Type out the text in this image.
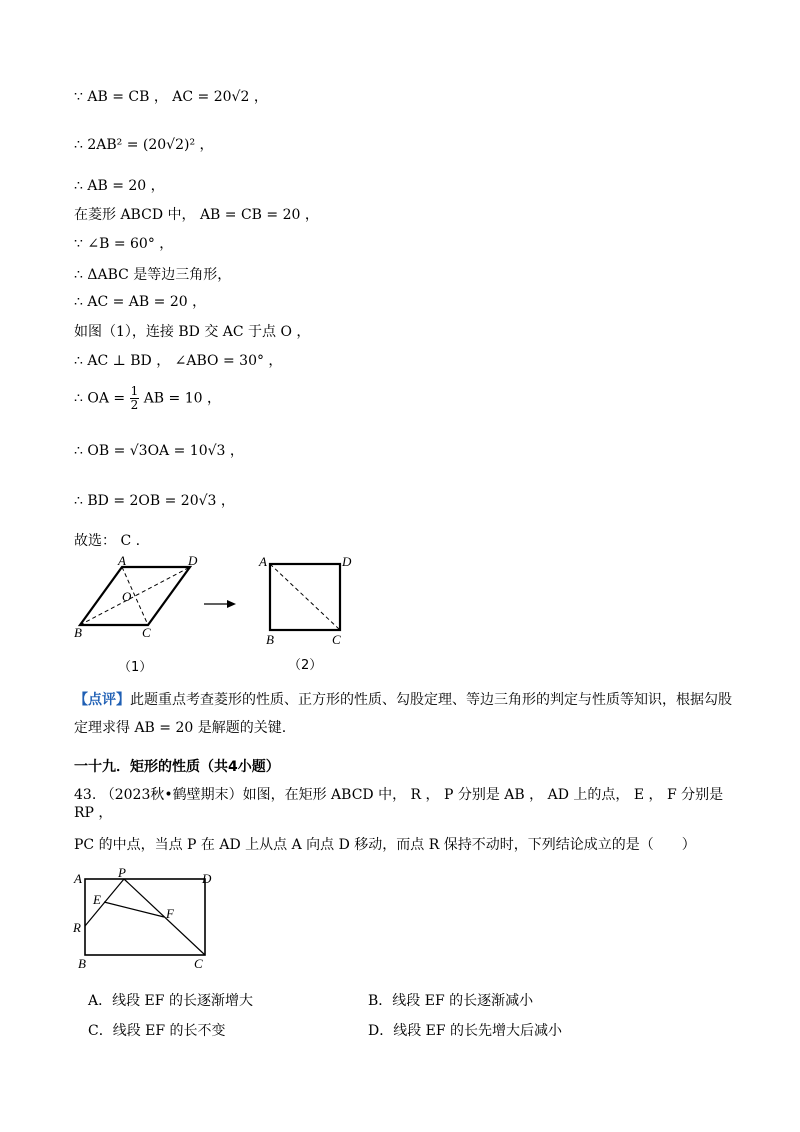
∵ AB = CB ， AC = 20√2 ，
∴ 2AB² = (20√2)² ，
∴ AB = 20 ，
在菱形 ABCD 中， AB = CB = 20 ，
∵ ∠B = 60° ，
∴ ΔABC 是等边三角形，
∴ AC = AB = 20 ，
如图（1），连接 BD 交 AC 于点 O ，
∴ AC ⊥ BD ， ∠ABO = 30° ，
∴ OA = $\frac{1}{2}$ AB = 10 ，
∴ OB = √3OA = 10√3 ，
∴ BD = 2OB = 20√3 ，
故选： C .
A	D
B	C
O
（1）
A	D
B	C
（2）
【点评】此题重点考查菱形的性质、正方形的性质、勾股定理、等边三角形的判定与性质等知识，根据勾股定理求得 AB = 20 是解题的关键.
一十九．矩形的性质（共4小题）
43. （2023秋•鹤壁期末）如图，在矩形 ABCD 中， R ， P 分别是 AB ， AD 上的点， E ， F 分别是 RP ，
PC 的中点，当点 P 在 AD 上从点 A 向点 D 移动，而点 R 保持不动时，下列结论成立的是（　　）
A	P	D
E
F
R
B	C
A．线段 EF 的长逐渐增大	B．线段 EF 的长逐渐减小
C．线段 EF 的长不变	D．线段 EF 的长先增大后减小
